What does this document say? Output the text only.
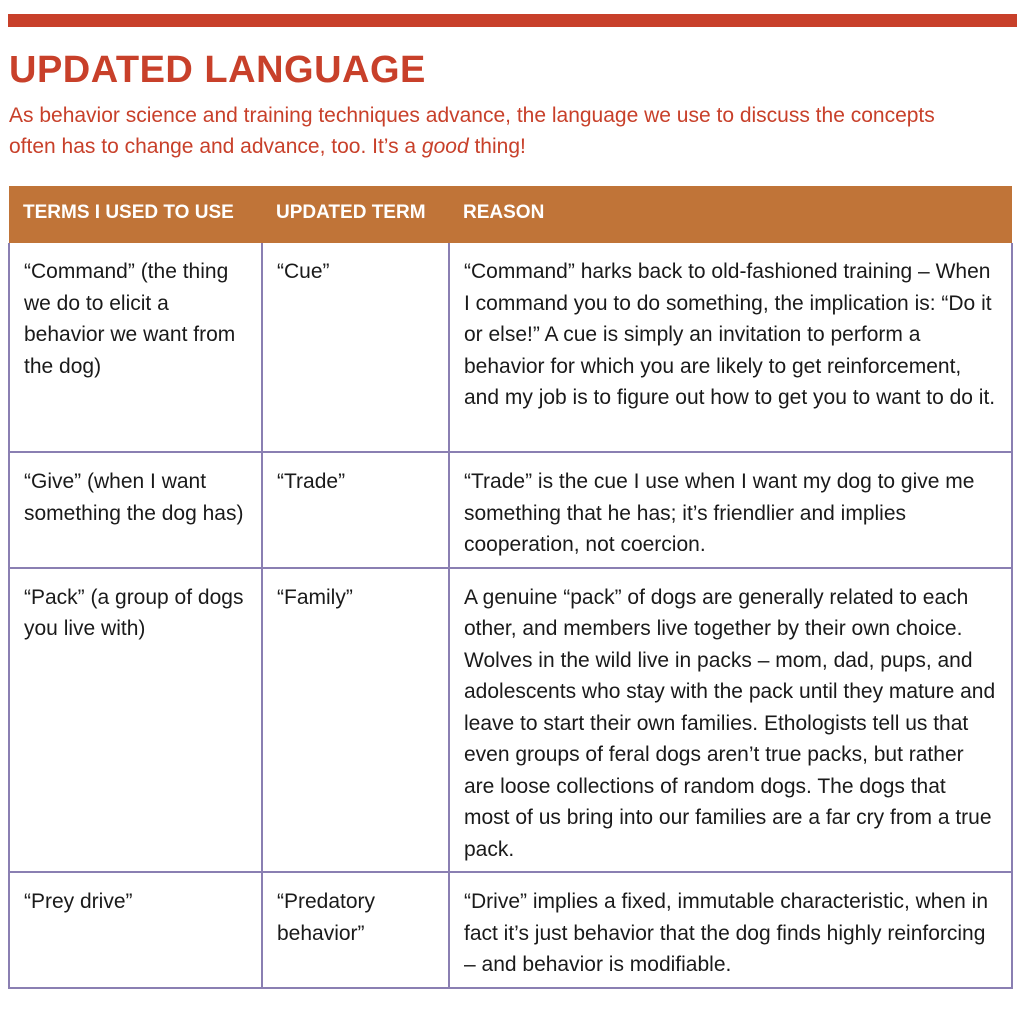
UPDATED LANGUAGE

As behavior science and training techniques advance, the language we use to discuss the concepts often has to change and advance, too. It’s a good thing!

TERMS I USED TO USE	UPDATED TERM	REASON
“Command” (the thing we do to elicit a behavior we want from the dog)	“Cue”	“Command” harks back to old-fashioned training – When I command you to do something, the implication is: “Do it or else!” A cue is simply an invitation to perform a behavior for which you are likely to get reinforcement, and my job is to figure out how to get you to want to do it.
“Give” (when I want something the dog has)	“Trade”	“Trade” is the cue I use when I want my dog to give me something that he has; it’s friendlier and implies cooperation, not coercion.
“Pack” (a group of dogs you live with)	“Family”	A genuine “pack” of dogs are generally related to each other, and members live together by their own choice. Wolves in the wild live in packs – mom, dad, pups, and adolescents who stay with the pack until they mature and leave to start their own families. Ethologists tell us that even groups of feral dogs aren’t true packs, but rather are loose collections of random dogs. The dogs that most of us bring into our families are a far cry from a true pack.
“Prey drive”	“Predatory behavior”	“Drive” implies a fixed, immutable characteristic, when in fact it’s just behavior that the dog finds highly reinforcing – and behavior is modifiable.
